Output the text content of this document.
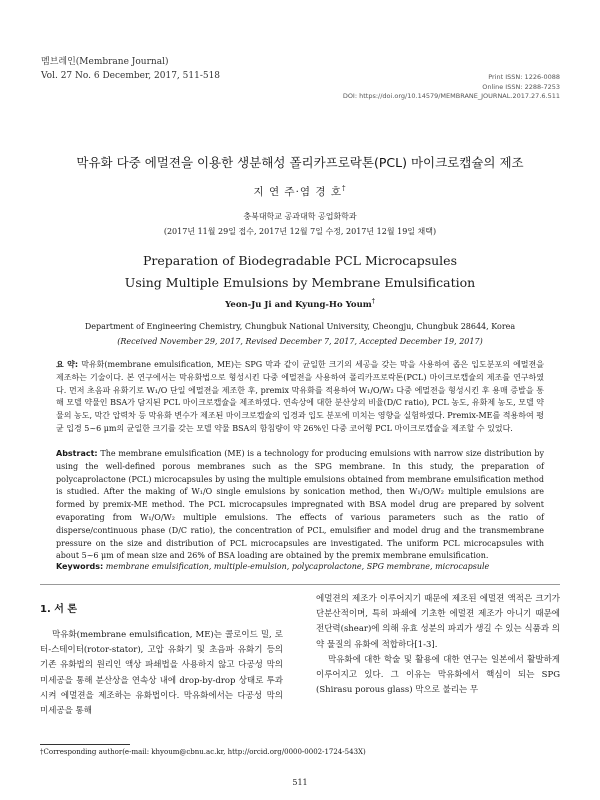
멤브레인(Membrane Journal)
Vol. 27 No. 6 December, 2017, 511-518	Print ISSN: 1226-0088
Online ISSN: 2288-7253
DOI: https://doi.org/10.14579/MEMBRANE_JOURNAL.2017.27.6.511
막유화 다중 에멀젼을 이용한 생분해성 폴리카프로락톤(PCL) 마이크로캡슐의 제조
지 연 주·염 경 호†
충북대학교 공과대학 공업화학과
(2017년 11월 29일 접수, 2017년 12월 7일 수정, 2017년 12월 19일 채택)
Preparation of Biodegradable PCL Microcapsules
Using Multiple Emulsions by Membrane Emulsification
Yeon-Ju Ji and Kyung-Ho Youm†
Department of Engineering Chemistry, Chungbuk National University, Cheongju, Chungbuk 28644, Korea
(Received November 29, 2017, Revised December 7, 2017, Accepted December 19, 2017)
요 약: 막유화(membrane emulsification, ME)는 SPG 막과 같이 균일한 크기의 세공을 갖는 막을 사용하여 좁은 입도분포의 에멀젼을 제조하는 기술이다. 본 연구에서는 막유화법으로 형성시킨 다중 에멀젼을 사용하여 폴리카프로락톤(PCL) 마이크로캡슐의 제조를 연구하였다. 먼저 초음파 유화기로 W₁/O 단일 에멀젼을 제조한 후, premix 막유화를 적용하여 W₁/O/W₂ 다중 에멀젼을 형성시킨 후 용매 증발을 통해 모델 약물인 BSA가 담지된 PCL 마이크로캡슐을 제조하였다. 연속상에 대한 분산상의 비율(D/C ratio), PCL 농도, 유화제 농도, 모델 약물의 농도, 막간 압력차 등 막유화 변수가 제조된 마이크로캡슐의 입경과 입도 분포에 미치는 영향을 실험하였다. Premix-ME를 적용하여 평균 입경 5~6 μm의 균일한 크기를 갖는 모델 약물 BSA의 함침량이 약 26%인 다중 코어형 PCL 마이크로캡슐을 제조할 수 있었다.
Abstract: The membrane emulsification (ME) is a technology for producing emulsions with narrow size distribution by using the well-defined porous membranes such as the SPG membrane. In this study, the preparation of polycaprolactone (PCL) microcapsules by using the multiple emulsions obtained from membrane emulsification method is studied. After the making of W₁/O single emulsions by sonication method, then W₁/O/W₂ multiple emulsions are formed by premix-ME method. The PCL microcapsules impregnated with BSA model drug are prepared by solvent evaporating from W₁/O/W₂ multiple emulsions. The effects of various parameters such as the ratio of disperse/continuous phase (D/C ratio), the concentration of PCL, emulsifier and model drug and the transmembrane pressure on the size and distribution of PCL microcapsules are investigated. The uniform PCL microcapsules with about 5~6 μm of mean size and 26% of BSA loading are obtained by the premix membrane emulsification.
Keywords: membrane emulsification, multiple-emulsion, polycaprolactone, SPG membrane, microcapsule
1. 서 론

막유화(membrane emulsification, ME)는 콜로이드 밀, 로터-스테이터(rotor-stator), 고압 유화기 및 초음파 유화기 등의 기존 유화법의 원리인 액상 파쇄법을 사용하지 않고 다공성 막의 미세공을 통해 분산상을 연속상 내에 drop-by-drop 상태로 투과시켜 에멀젼을 제조하는 유화법이다. 막유화에서는 다공성 막의 미세공을 통해

에멀젼의 제조가 이루어지기 때문에 제조된 에멀젼 액적은 크기가 단분산적이며, 특히 파쇄에 기초한 에멀젼 제조가 아니기 때문에 전단력(shear)에 의해 유효 성분의 파괴가 생길 수 있는 식품과 의약 물질의 유화에 적합하다[1-3].

막유화에 대한 학술 및 활용에 대한 연구는 일본에서 활발하게 이루어지고 있다. 그 이유는 막유화에서 핵심이 되는 SPG (Shirasu porous glass) 막으로 불리는 무

†Corresponding author(e-mail: khyoum@cbnu.ac.kr, http://orcid.org/0000-0002-1724-543X)
511
